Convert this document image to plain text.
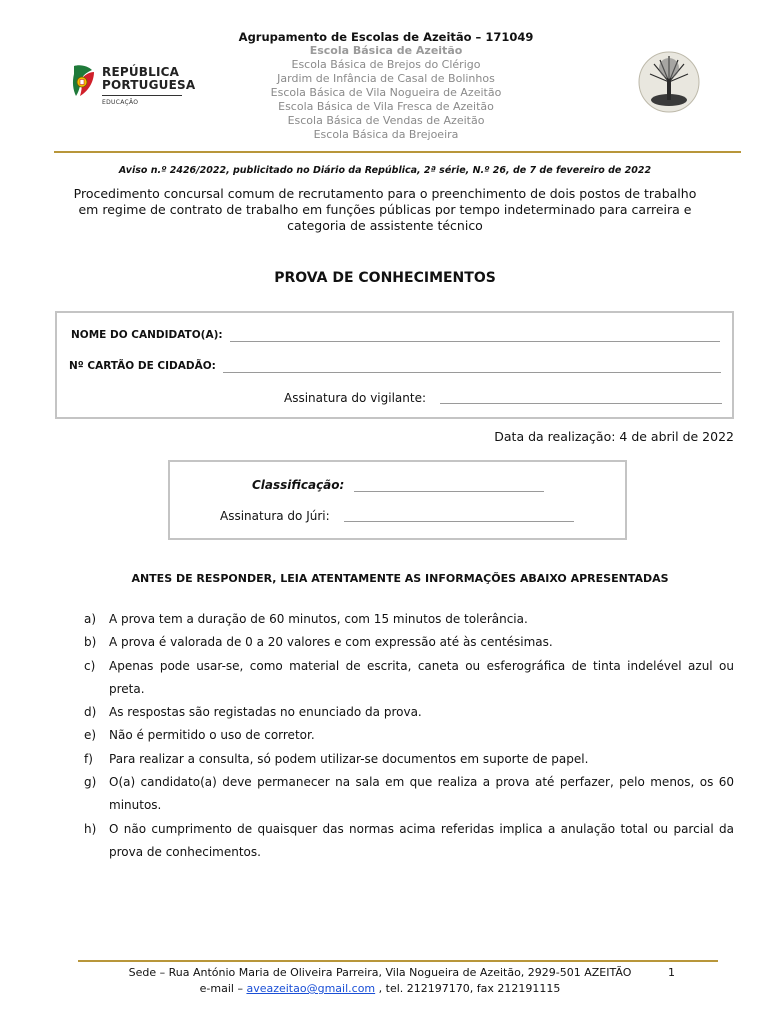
REPÚBLICA
PORTUGUESA
EDUCAÇÃO
Agrupamento de Escolas de Azeitão – 171049
Escola Básica de Azeitão
Escola Básica de Brejos do Clérigo
Jardim de Infância de Casal de Bolinhos
Escola Básica de Vila Nogueira de Azeitão
Escola Básica de Vila Fresca de Azeitão
Escola Básica de Vendas de Azeitão
Escola Básica da Brejoeira
Aviso n.º 2426/2022, publicitado no Diário da República, 2ª série, N.º 26, de 7 de fevereiro de 2022
Procedimento concursal comum de recrutamento para o preenchimento de dois postos de trabalho em regime de contrato de trabalho em funções públicas por tempo indeterminado para carreira e categoria de assistente técnico
PROVA DE CONHECIMENTOS
NOME DO CANDIDATO(A):
Nº CARTÃO DE CIDADÃO:
Assinatura do vigilante:
Data da realização: 4 de abril de 2022
Classificação:
Assinatura do Júri:
ANTES DE RESPONDER, LEIA ATENTAMENTE AS INFORMAÇÕES ABAIXO APRESENTADAS
a)	A prova tem a duração de 60 minutos, com 15 minutos de tolerância.
b)	A prova é valorada de 0 a 20 valores e com expressão até às centésimas.
c)	Apenas pode usar-se, como material de escrita, caneta ou esferográfica de tinta indelével azul ou preta.
d)	As respostas são registadas no enunciado da prova.
e)	Não é permitido o uso de corretor.
f)	Para realizar a consulta, só podem utilizar-se documentos em suporte de papel.
g)	O(a) candidato(a) deve permanecer na sala em que realiza a prova até perfazer, pelo menos, os 60 minutos.
h)	O não cumprimento de quaisquer das normas acima referidas implica a anulação total ou parcial da prova de conhecimentos.
Sede – Rua António Maria de Oliveira Parreira, Vila Nogueira de Azeitão, 2929-501 AZEITÃO	1
e-mail – aveazeitao@gmail.com , tel. 212197170, fax 212191115
